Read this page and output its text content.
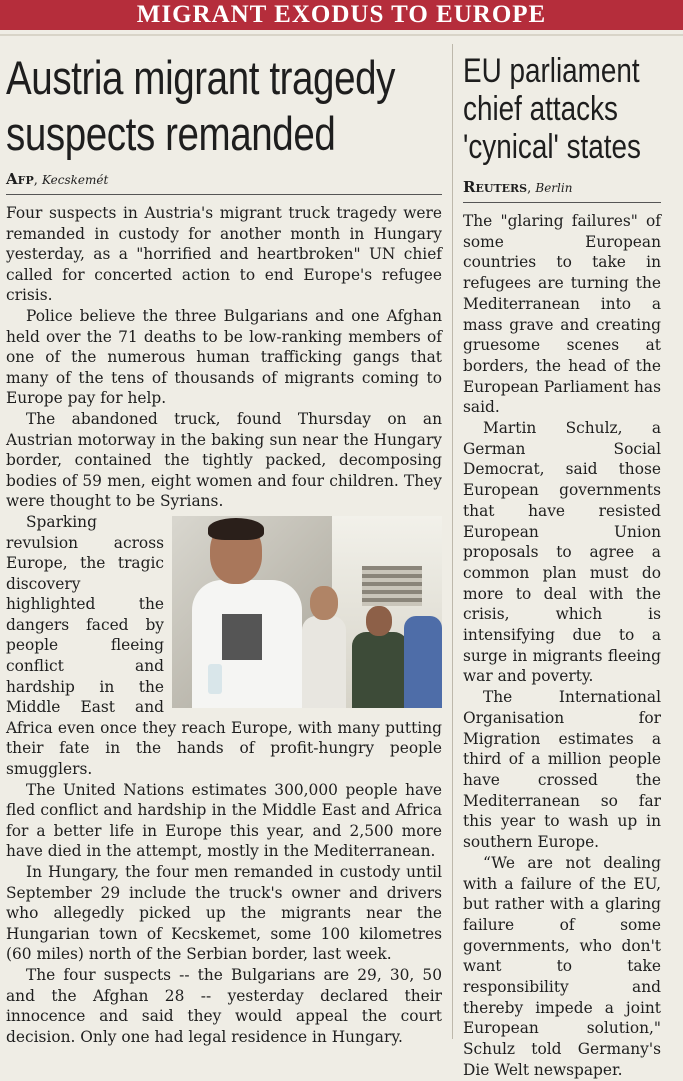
MIGRANT EXODUS TO EUROPE
Austria migrant tragedy suspects remanded
Afp, Kecskemét

Four suspects in Austria's migrant truck tragedy were remanded in custody for another month in Hungary yesterday, as a "horrified and heartbroken" UN chief called for concerted action to end Europe's refugee crisis.

Police believe the three Bulgarians and one Afghan held over the 71 deaths to be low-ranking members of one of the numerous human trafficking gangs that many of the tens of thousands of migrants coming to Europe pay for help.

The abandoned truck, found Thursday on an Austrian motorway in the baking sun near the Hungary border, contained the tightly packed, decomposing bodies of 59 men, eight women and four children. They were thought to be Syrians.

Sparking revulsion across Europe, the tragic discovery highlighted the dangers faced by people fleeing conflict and hardship in the Middle East and Africa even once they reach Europe, with many putting their fate in the hands of profit-hungry people smugglers.

The United Nations estimates 300,000 people have fled conflict and hardship in the Middle East and Africa for a better life in Europe this year, and 2,500 more have died in the attempt, mostly in the Mediterranean.

In Hungary, the four men remanded in custody until September 29 include the truck's owner and drivers who allegedly picked up the migrants near the Hungarian town of Kecskemet, some 100 kilometres (60 miles) north of the Serbian border, last week.

The four suspects -- the Bulgarians are 29, 30, 50 and the Afghan 28 -- yesterday declared their innocence and said they would appeal the court decision. Only one had legal residence in Hungary.

EU parliament chief attacks 'cynical' states
Reuters, Berlin

The "glaring failures" of some European countries to take in refugees are turning the Mediterranean into a mass grave and creating gruesome scenes at borders, the head of the European Parliament has said.

Martin Schulz, a German Social Democrat, said those European governments that have resisted European Union proposals to agree a common plan must do more to deal with the crisis, which is intensifying due to a surge in migrants fleeing war and poverty.

The International Organisation for Migration estimates a third of a million people have crossed the Mediterranean so far this year to wash up in southern Europe.

“We are not dealing with a failure of the EU, but rather with a glaring failure of some governments, who don't want to take responsibility and thereby impede a joint European solution," Schulz told Germany's Die Welt newspaper.
